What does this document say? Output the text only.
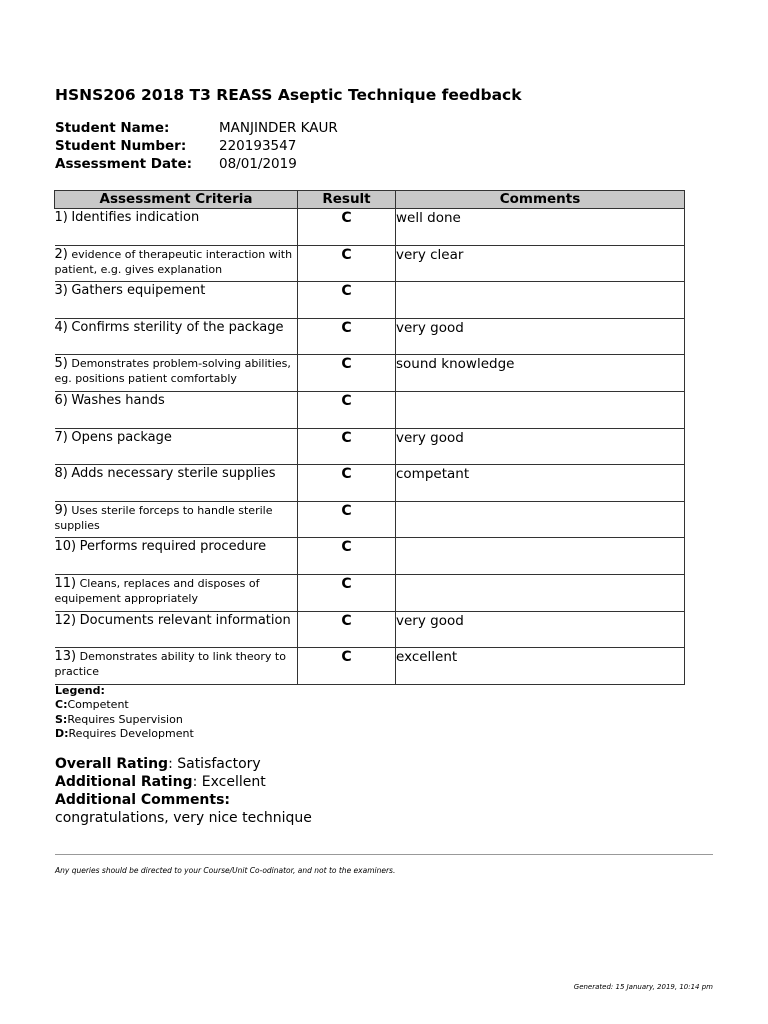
HSNS206 2018 T3 REASS Aseptic Technique feedback
Student Name:	MANJINDER KAUR
Student Number:	220193547
Assessment Date:	08/01/2019
Assessment Criteria	Result	Comments

1) Identifies indication	C	well done

2) evidence of therapeutic interaction with patient, e.g. gives explanation	C	very clear

3) Gathers equipement	C	

4) Confirms sterility of the package	C	very good

5) Demonstrates problem-solving abilities, eg. positions patient comfortably	C	sound knowledge

6) Washes hands	C	

7) Opens package	C	very good

8) Adds necessary sterile supplies	C	competant

9) Uses sterile forceps to handle sterile supplies	C	

10) Performs required procedure	C	

11) Cleans, replaces and disposes of equipement appropriately	C	

12) Documents relevant information	C	very good

13) Demonstrates ability to link theory to practice	C	excellent
Legend:
C:Competent
S:Requires Supervision
D:Requires Development
Overall Rating: Satisfactory
Additional Rating: Excellent
Additional Comments:
congratulations, very nice technique
Any queries should be directed to your Course/Unit Co-odinator, and not to the examiners.
Generated: 15 January, 2019, 10:14 pm
